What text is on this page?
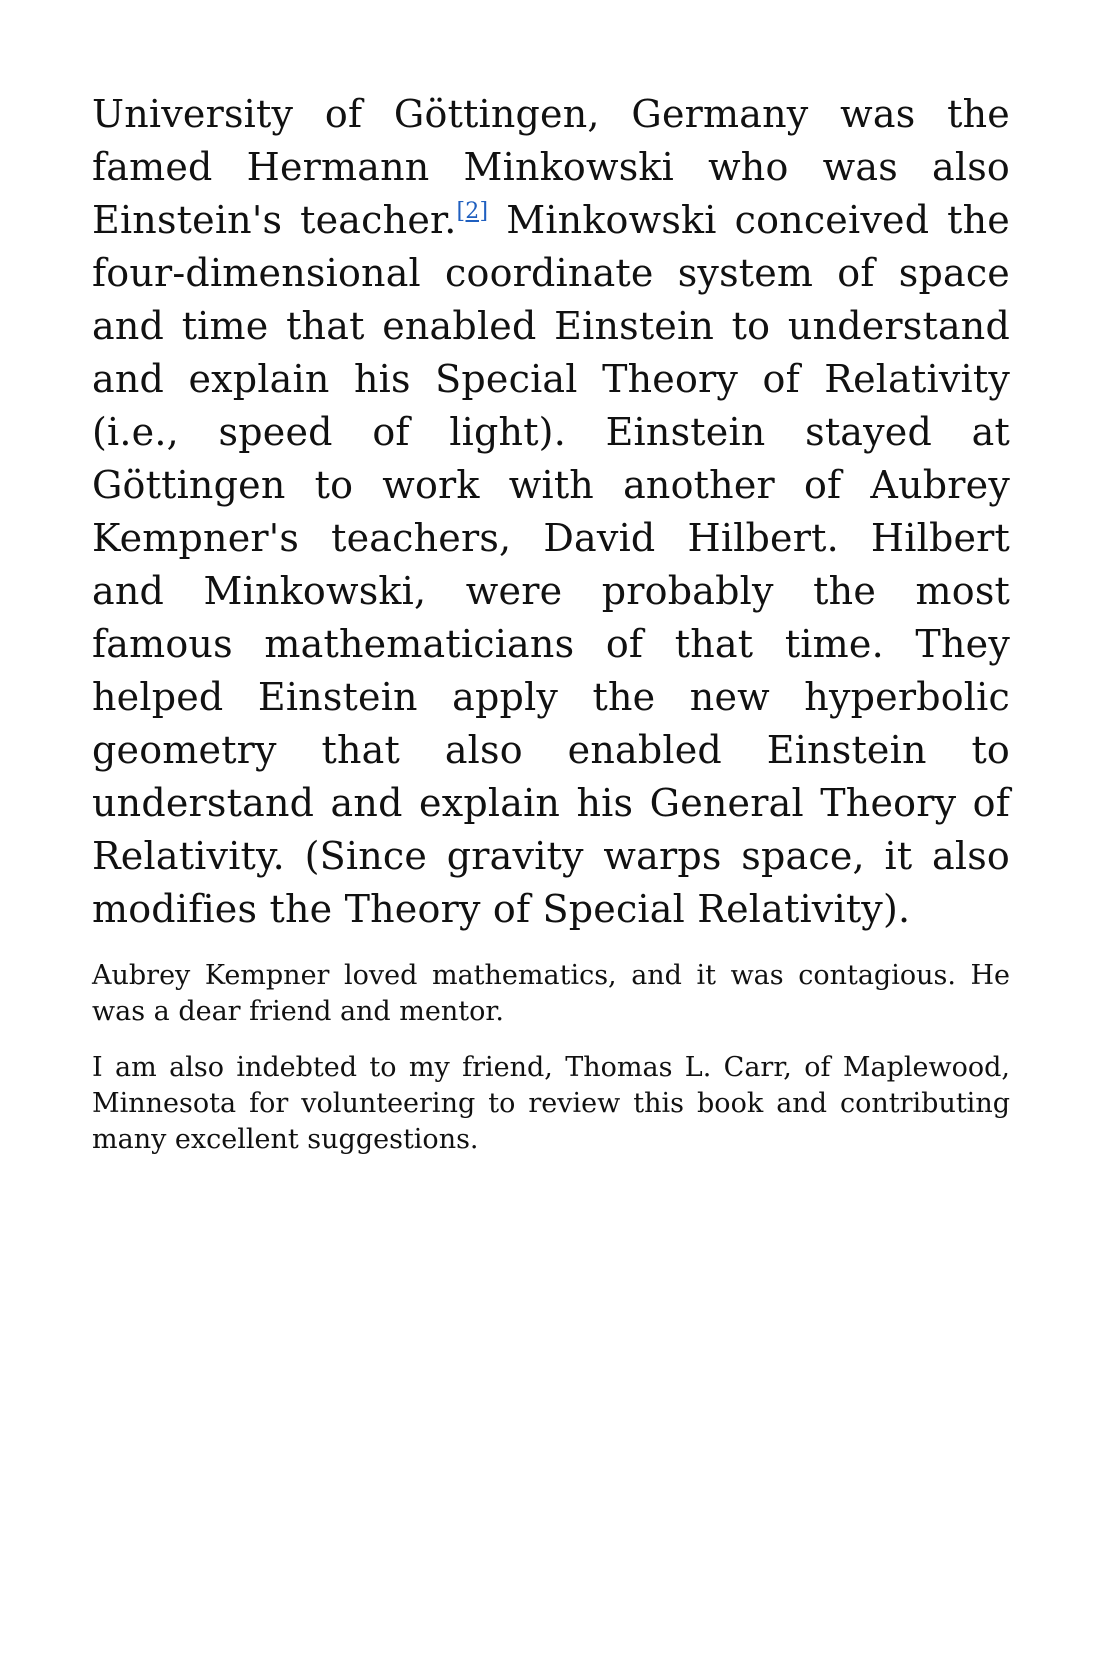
University of Göttingen, Germany was the famed Hermann Minkowski who was also Einstein's teacher.[2] Minkowski conceived the four-dimensional coordinate system of space and time that enabled Einstein to understand and explain his Special Theory of Relativity (i.e., speed of light). Einstein stayed at Göttingen to work with another of Aubrey Kempner's teachers, David Hilbert. Hilbert and Minkowski, were probably the most famous mathematicians of that time. They helped Einstein apply the new hyperbolic geometry that also enabled Einstein to understand and explain his General Theory of Relativity. (Since gravity warps space, it also modifies the Theory of Special Relativity).

Aubrey Kempner loved mathematics, and it was contagious. He was a dear friend and mentor.

I am also indebted to my friend, Thomas L. Carr, of Maplewood, Minnesota for volunteering to review this book and contributing many excellent suggestions.
